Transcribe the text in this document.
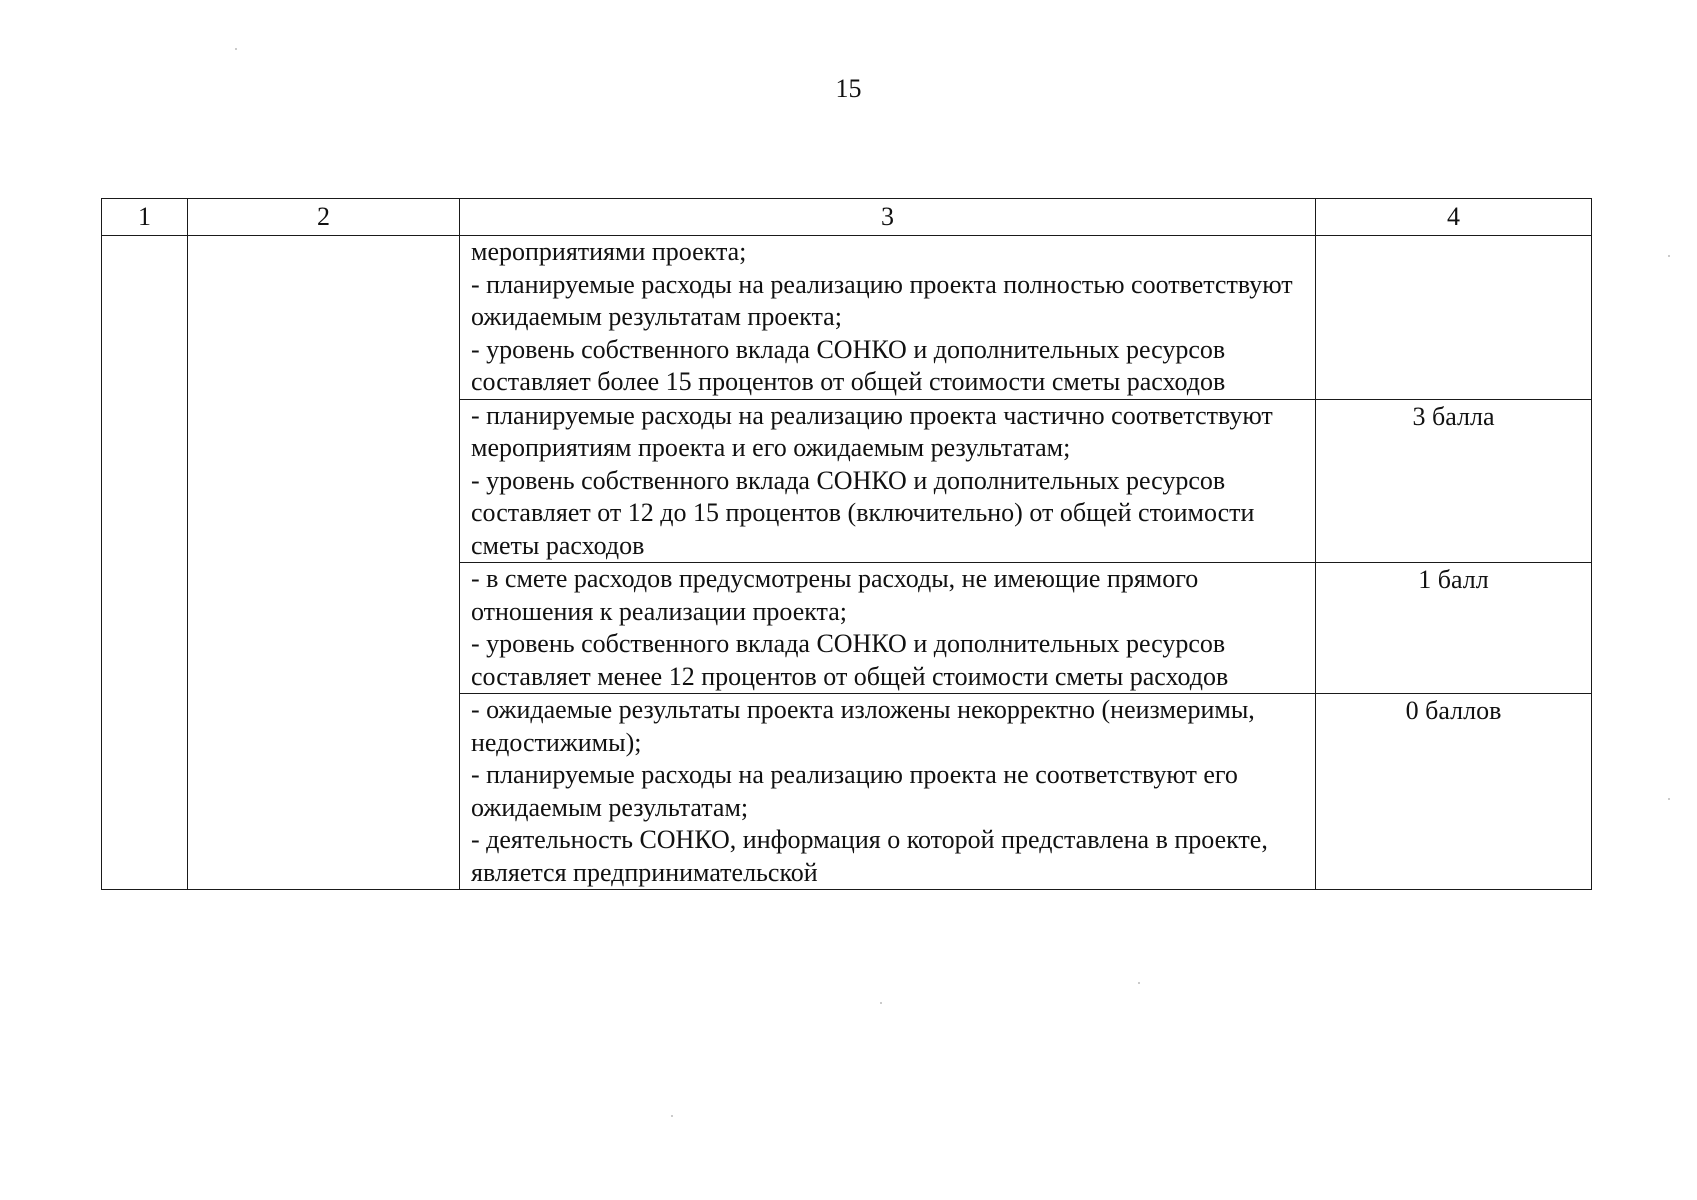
15
1	2	3	4

		мероприятиями проекта;
- планируемые расходы на реализацию проекта полностью соответствуют ожидаемым результатам проекта;
- уровень собственного вклада СОНКО и дополнительных ресурсов составляет более 15 процентов от общей стоимости сметы расходов	

		- планируемые расходы на реализацию проекта частично соответствуют мероприятиям проекта и его ожидаемым результатам;
- уровень собственного вклада СОНКО и дополнительных ресурсов составляет от 12 до 15 процентов (включительно) от общей стоимости сметы расходов	3 балла

		- в смете расходов предусмотрены расходы, не имеющие прямого отношения к реализации проекта;
- уровень собственного вклада СОНКО и дополнительных ресурсов составляет менее 12 процентов от общей стоимости сметы расходов	1 балл

		- ожидаемые результаты проекта изложены некорректно (неизмеримы, недостижимы);
- планируемые расходы на реализацию проекта не соответствуют его ожидаемым результатам;
- деятельность СОНКО, информация о которой представлена в проекте, является предпринимательской	0 баллов
